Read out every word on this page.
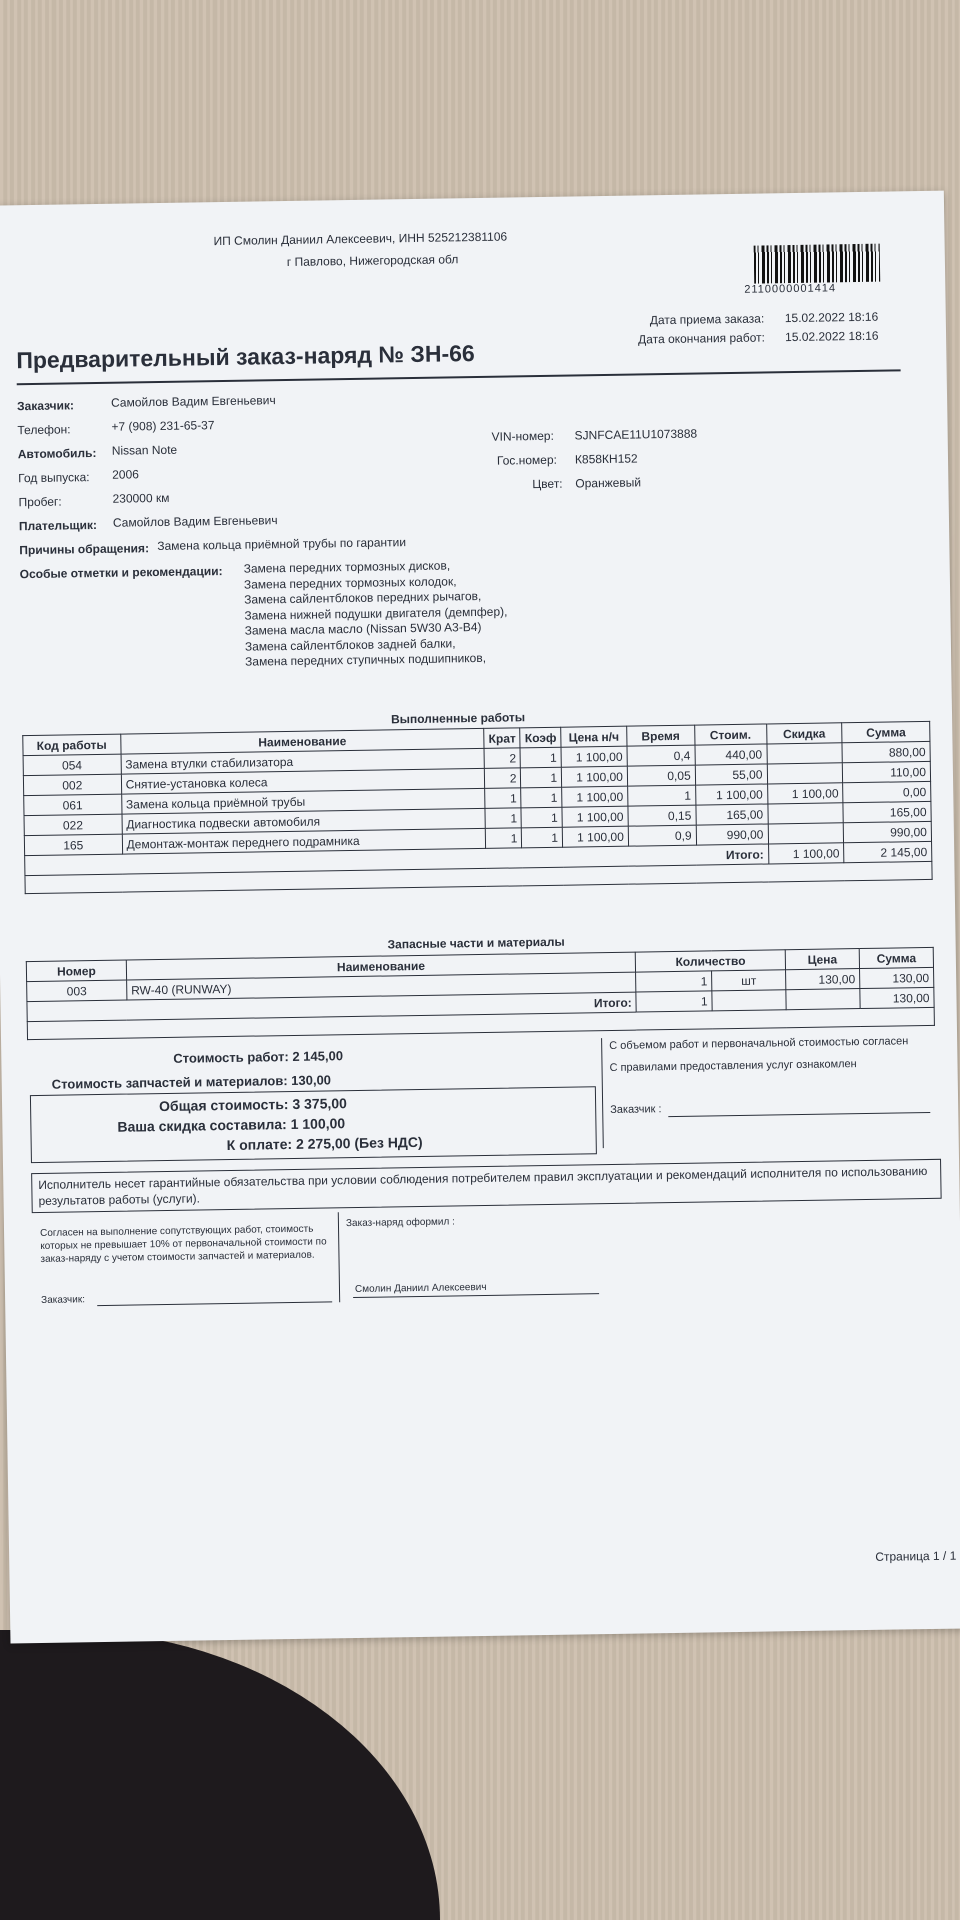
ИП Смолин Даниил Алексеевич, ИНН 525212381106
г Павлово, Нижегородская обл
2110000001414
Дата приема заказа: 15.02.2022 18:16
Дата окончания работ: 15.02.2022 18:16
Предварительный заказ-наряд № ЗН-66
Заказчик:	Самойлов Вадим Евгеньевич
Телефон:	+7 (908) 231-65-37
Автомобиль: Nissan Note
Год выпуска: 2006
Пробег:	230000 км
Плательщик: Самойлов Вадим Евгеньевич
VIN-номер: SJNFCAE11U1073888
Гос.номер: К858КН152
Цвет: Оранжевый
Причины обращения: Замена кольца приёмной трубы по гарантии
Особые отметки и рекомендации: Замена передних тормозных дисков,
Замена передних тормозных колодок,
Замена сайлентблоков передних рычагов,
Замена нижней подушки двигателя (демпфер),
Замена масла масло (Nissan 5W30 A3-B4)
Замена сайлентблоков задней балки,
Замена передних ступичных подшипников,
Выполненные работы
Код работы	Наименование	Крат	Коэф	Цена н/ч	Время	Стоим.	Скидка	Сумма
054	Замена втулки стабилизатора	2	1	1 100,00	0,4	440,00		880,00
002	Снятие-установка колеса	2	1	1 100,00	0,05	55,00		110,00
061	Замена кольца приёмной трубы	1	1	1 100,00	1	1 100,00	1 100,00	0,00
022	Диагностика подвески автомобиля	1	1	1 100,00	0,15	165,00		165,00
165	Демонтаж-монтаж переднего подрамника	1	1	1 100,00	0,9	990,00		990,00
Итого:							1 100,00	2 145,00

Запасные части и материалы
Номер	Наименование	Количество		Цена	Сумма
003	RW-40 (RUNWAY)	1	шт	130,00	130,00
Итого:		1			130,00

Стоимость работ: 2 145,00
Стоимость запчастей и материалов: 130,00
Общая стоимость: 3 375,00
Ваша скидка составила: 1 100,00
К оплате: 2 275,00 (Без НДС)
С объемом работ и первоначальной стоимостью согласен
С правилами предоставления услуг ознакомлен
Заказчик :
Исполнитель несет гарантийные обязательства при условии соблюдения потребителем правил эксплуатации и рекомендаций исполнителя по использованию результатов работы (услуги).
Согласен на выполнение сопутствующих работ, стоимость которых не превышает 10% от первоначальной стоимости по заказ-наряду с учетом стоимости запчастей и материалов.
Заказчик:
Заказ-наряд оформил :
Смолин Даниил Алексеевич
Страница 1 / 1
